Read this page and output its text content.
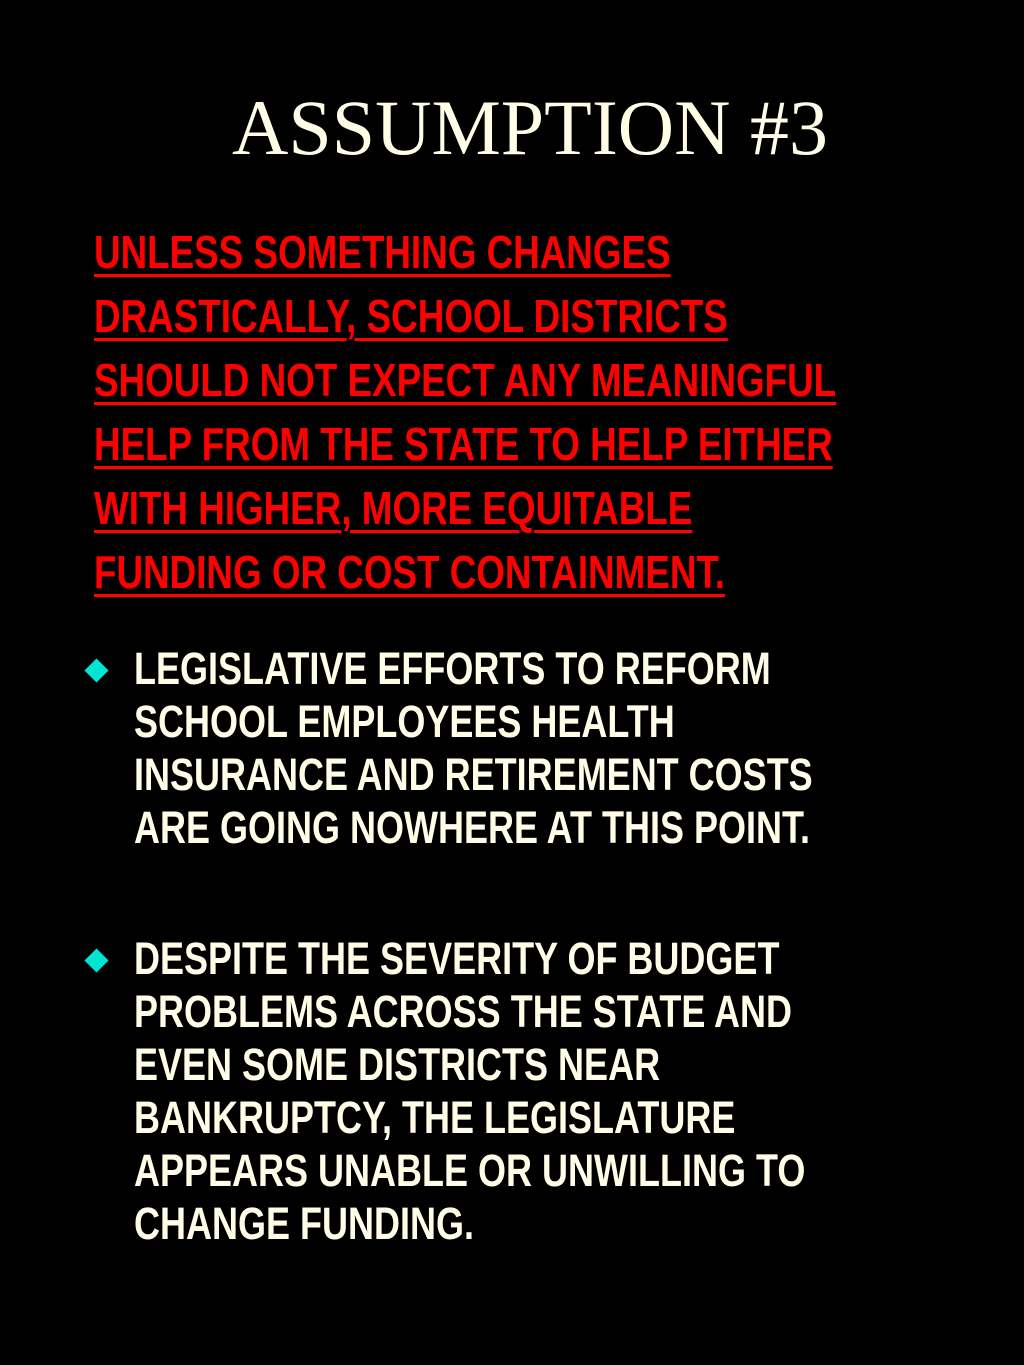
ASSUMPTION #3
UNLESS SOMETHING CHANGES
DRASTICALLY, SCHOOL DISTRICTS
SHOULD NOT EXPECT ANY MEANINGFUL
HELP FROM THE STATE TO HELP EITHER
WITH HIGHER, MORE EQUITABLE
FUNDING OR COST CONTAINMENT.
LEGISLATIVE EFFORTS TO REFORM
SCHOOL EMPLOYEES HEALTH
INSURANCE AND RETIREMENT COSTS
ARE GOING NOWHERE AT THIS POINT.
DESPITE THE SEVERITY OF BUDGET
PROBLEMS ACROSS THE STATE AND
EVEN SOME DISTRICTS NEAR
BANKRUPTCY, THE LEGISLATURE
APPEARS UNABLE OR UNWILLING TO
CHANGE FUNDING.
